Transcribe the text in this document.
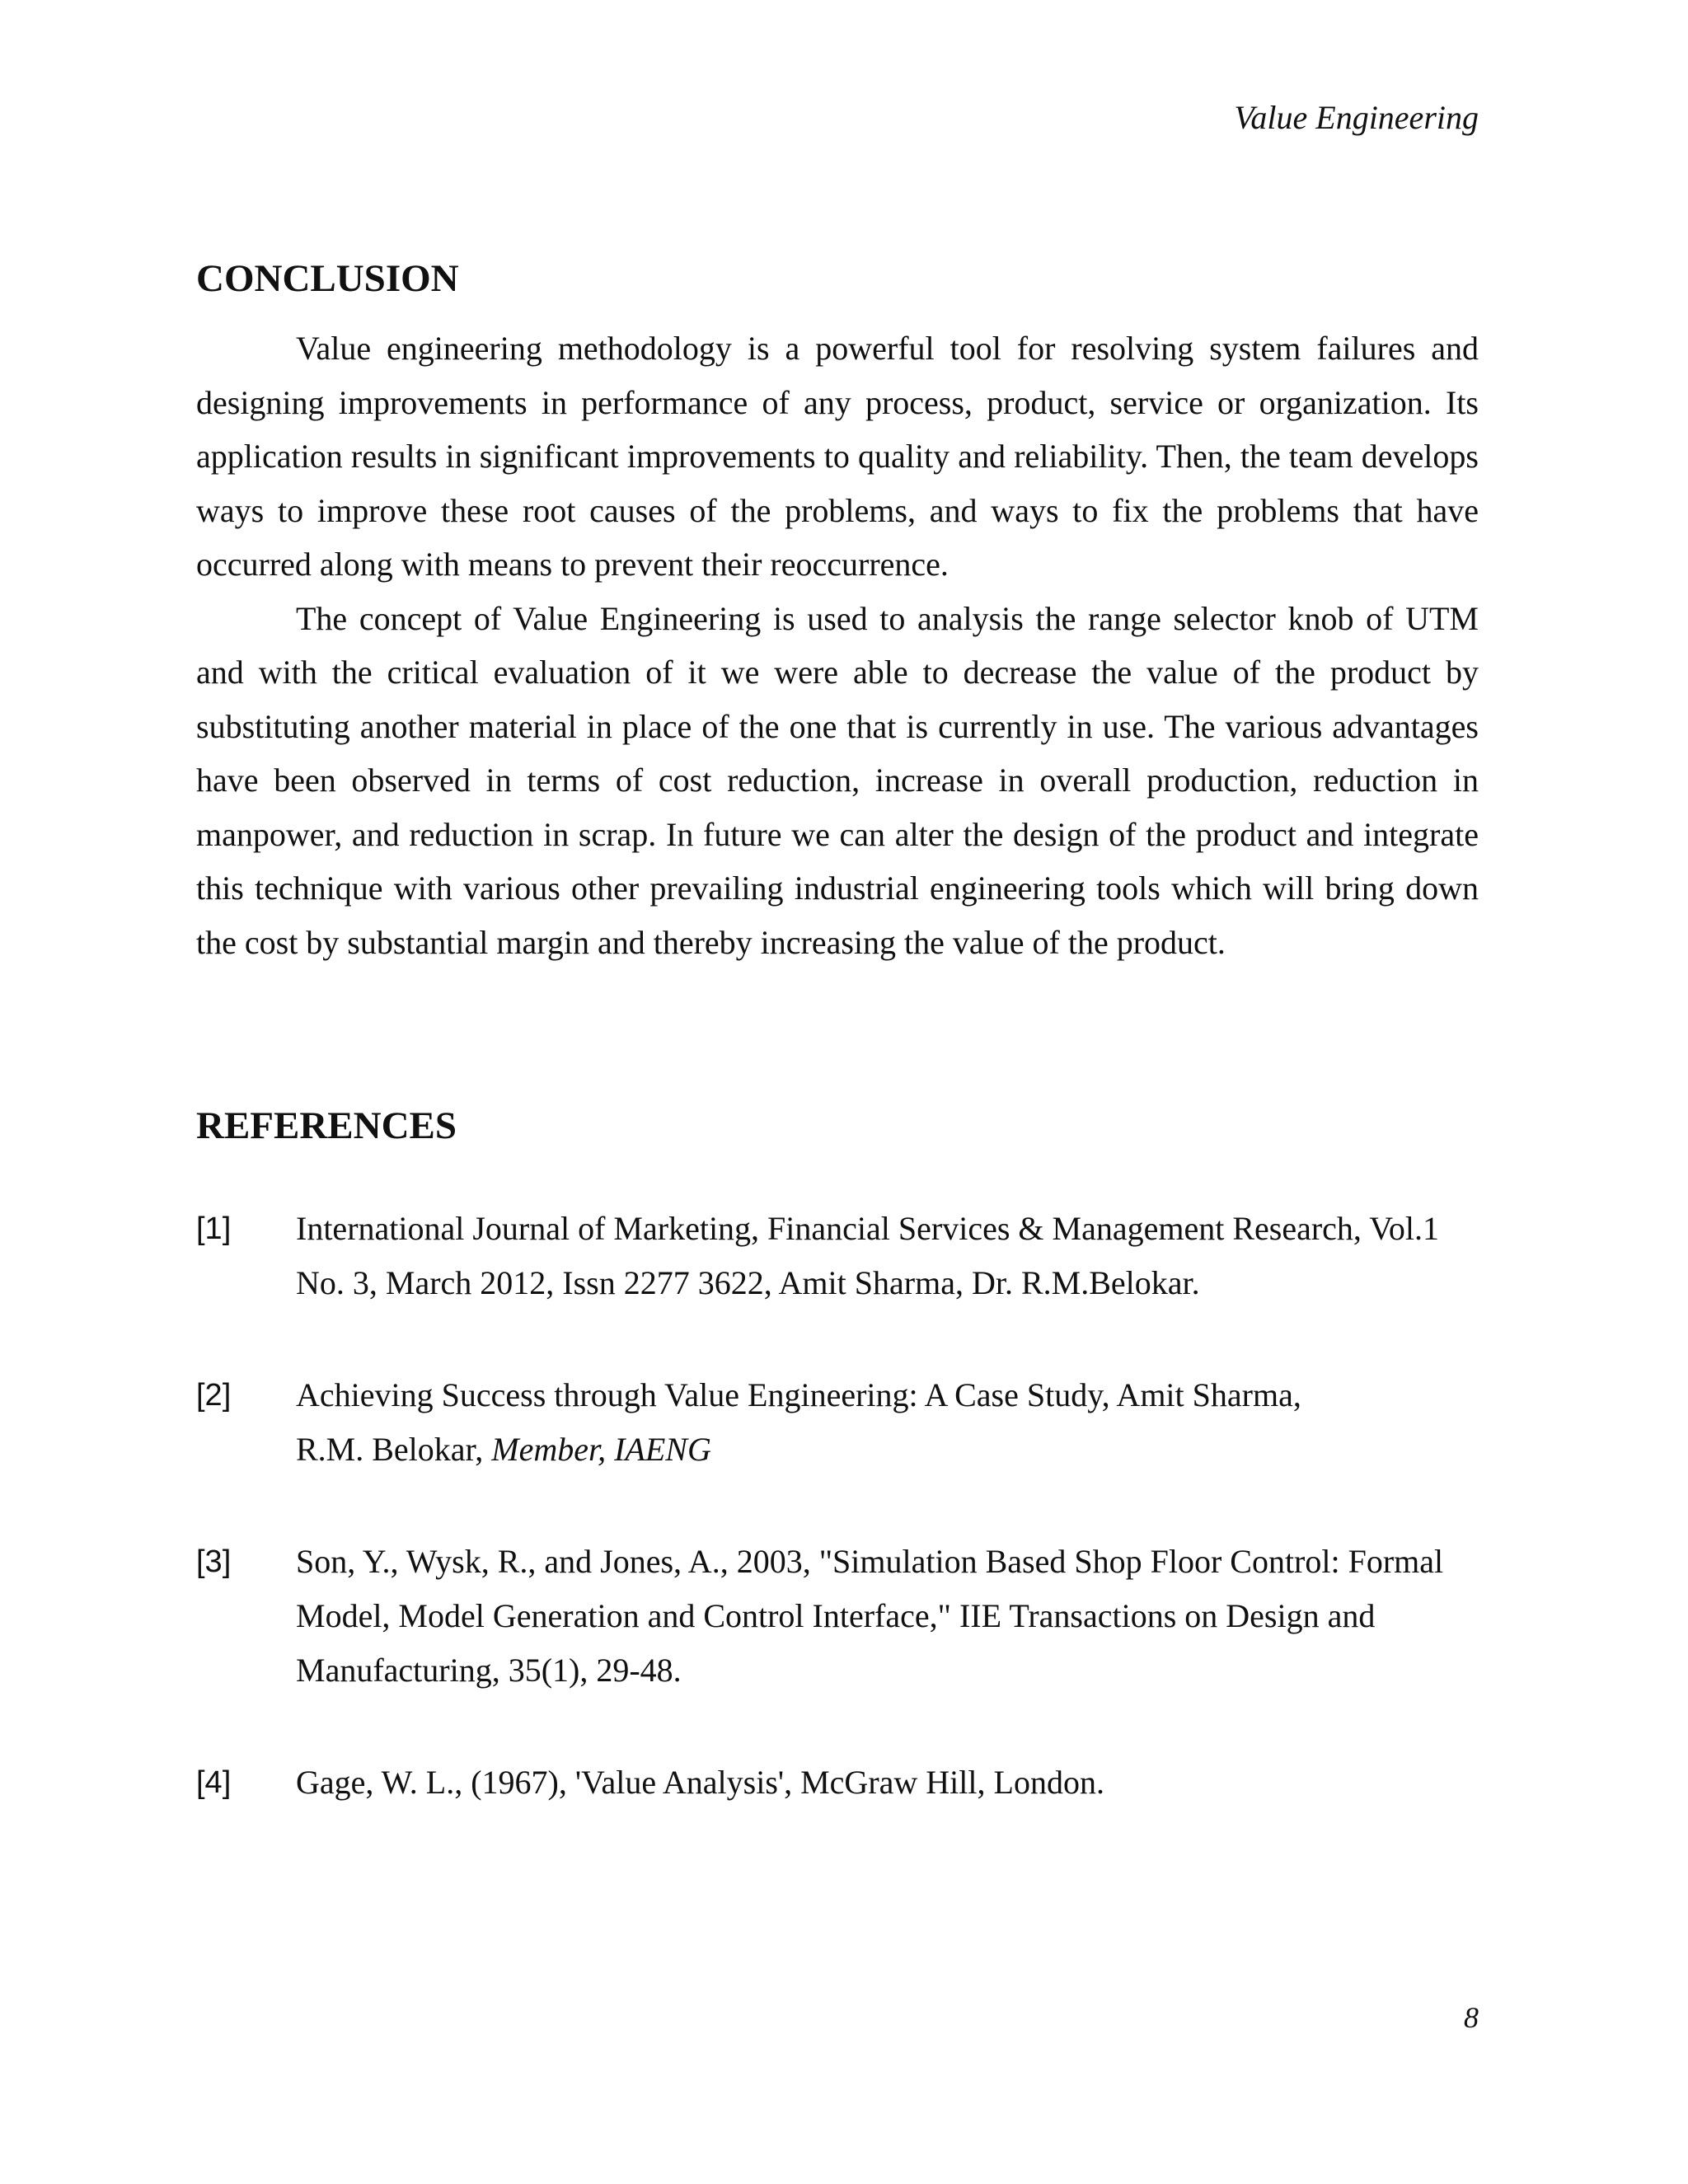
Value Engineering
CONCLUSION

Value engineering methodology is a powerful tool for resolving system failures and designing improvements in performance of any process, product, service or organization. Its application results in significant improvements to quality and reliability. Then, the team develops ways to improve these root causes of the problems, and ways to fix the problems that have occurred along with means to prevent their reoccurrence.

The concept of Value Engineering is used to analysis the range selector knob of UTM and with the critical evaluation of it we were able to decrease the value of the product by substituting another material in place of the one that is currently in use. The various advantages have been observed in terms of cost reduction, increase in overall production, reduction in manpower, and reduction in scrap. In future we can alter the design of the product and integrate this technique with various other prevailing industrial engineering tools which will bring down the cost by substantial margin and thereby increasing the value of the product.

REFERENCES
[1]	International Journal of Marketing, Financial Services & Management Research, Vol.1
No. 3, March 2012, Issn 2277 3622, Amit Sharma, Dr. R.M.Belokar.
[2]	Achieving Success through Value Engineering: A Case Study, Amit Sharma,
R.M. Belokar, Member, IAENG
[3]	Son, Y., Wysk, R., and Jones, A., 2003, "Simulation Based Shop Floor Control: Formal
Model, Model Generation and Control Interface," IIE Transactions on Design and
Manufacturing, 35(1), 29-48.
[4]	Gage, W. L., (1967), 'Value Analysis', McGraw Hill, London.
8
